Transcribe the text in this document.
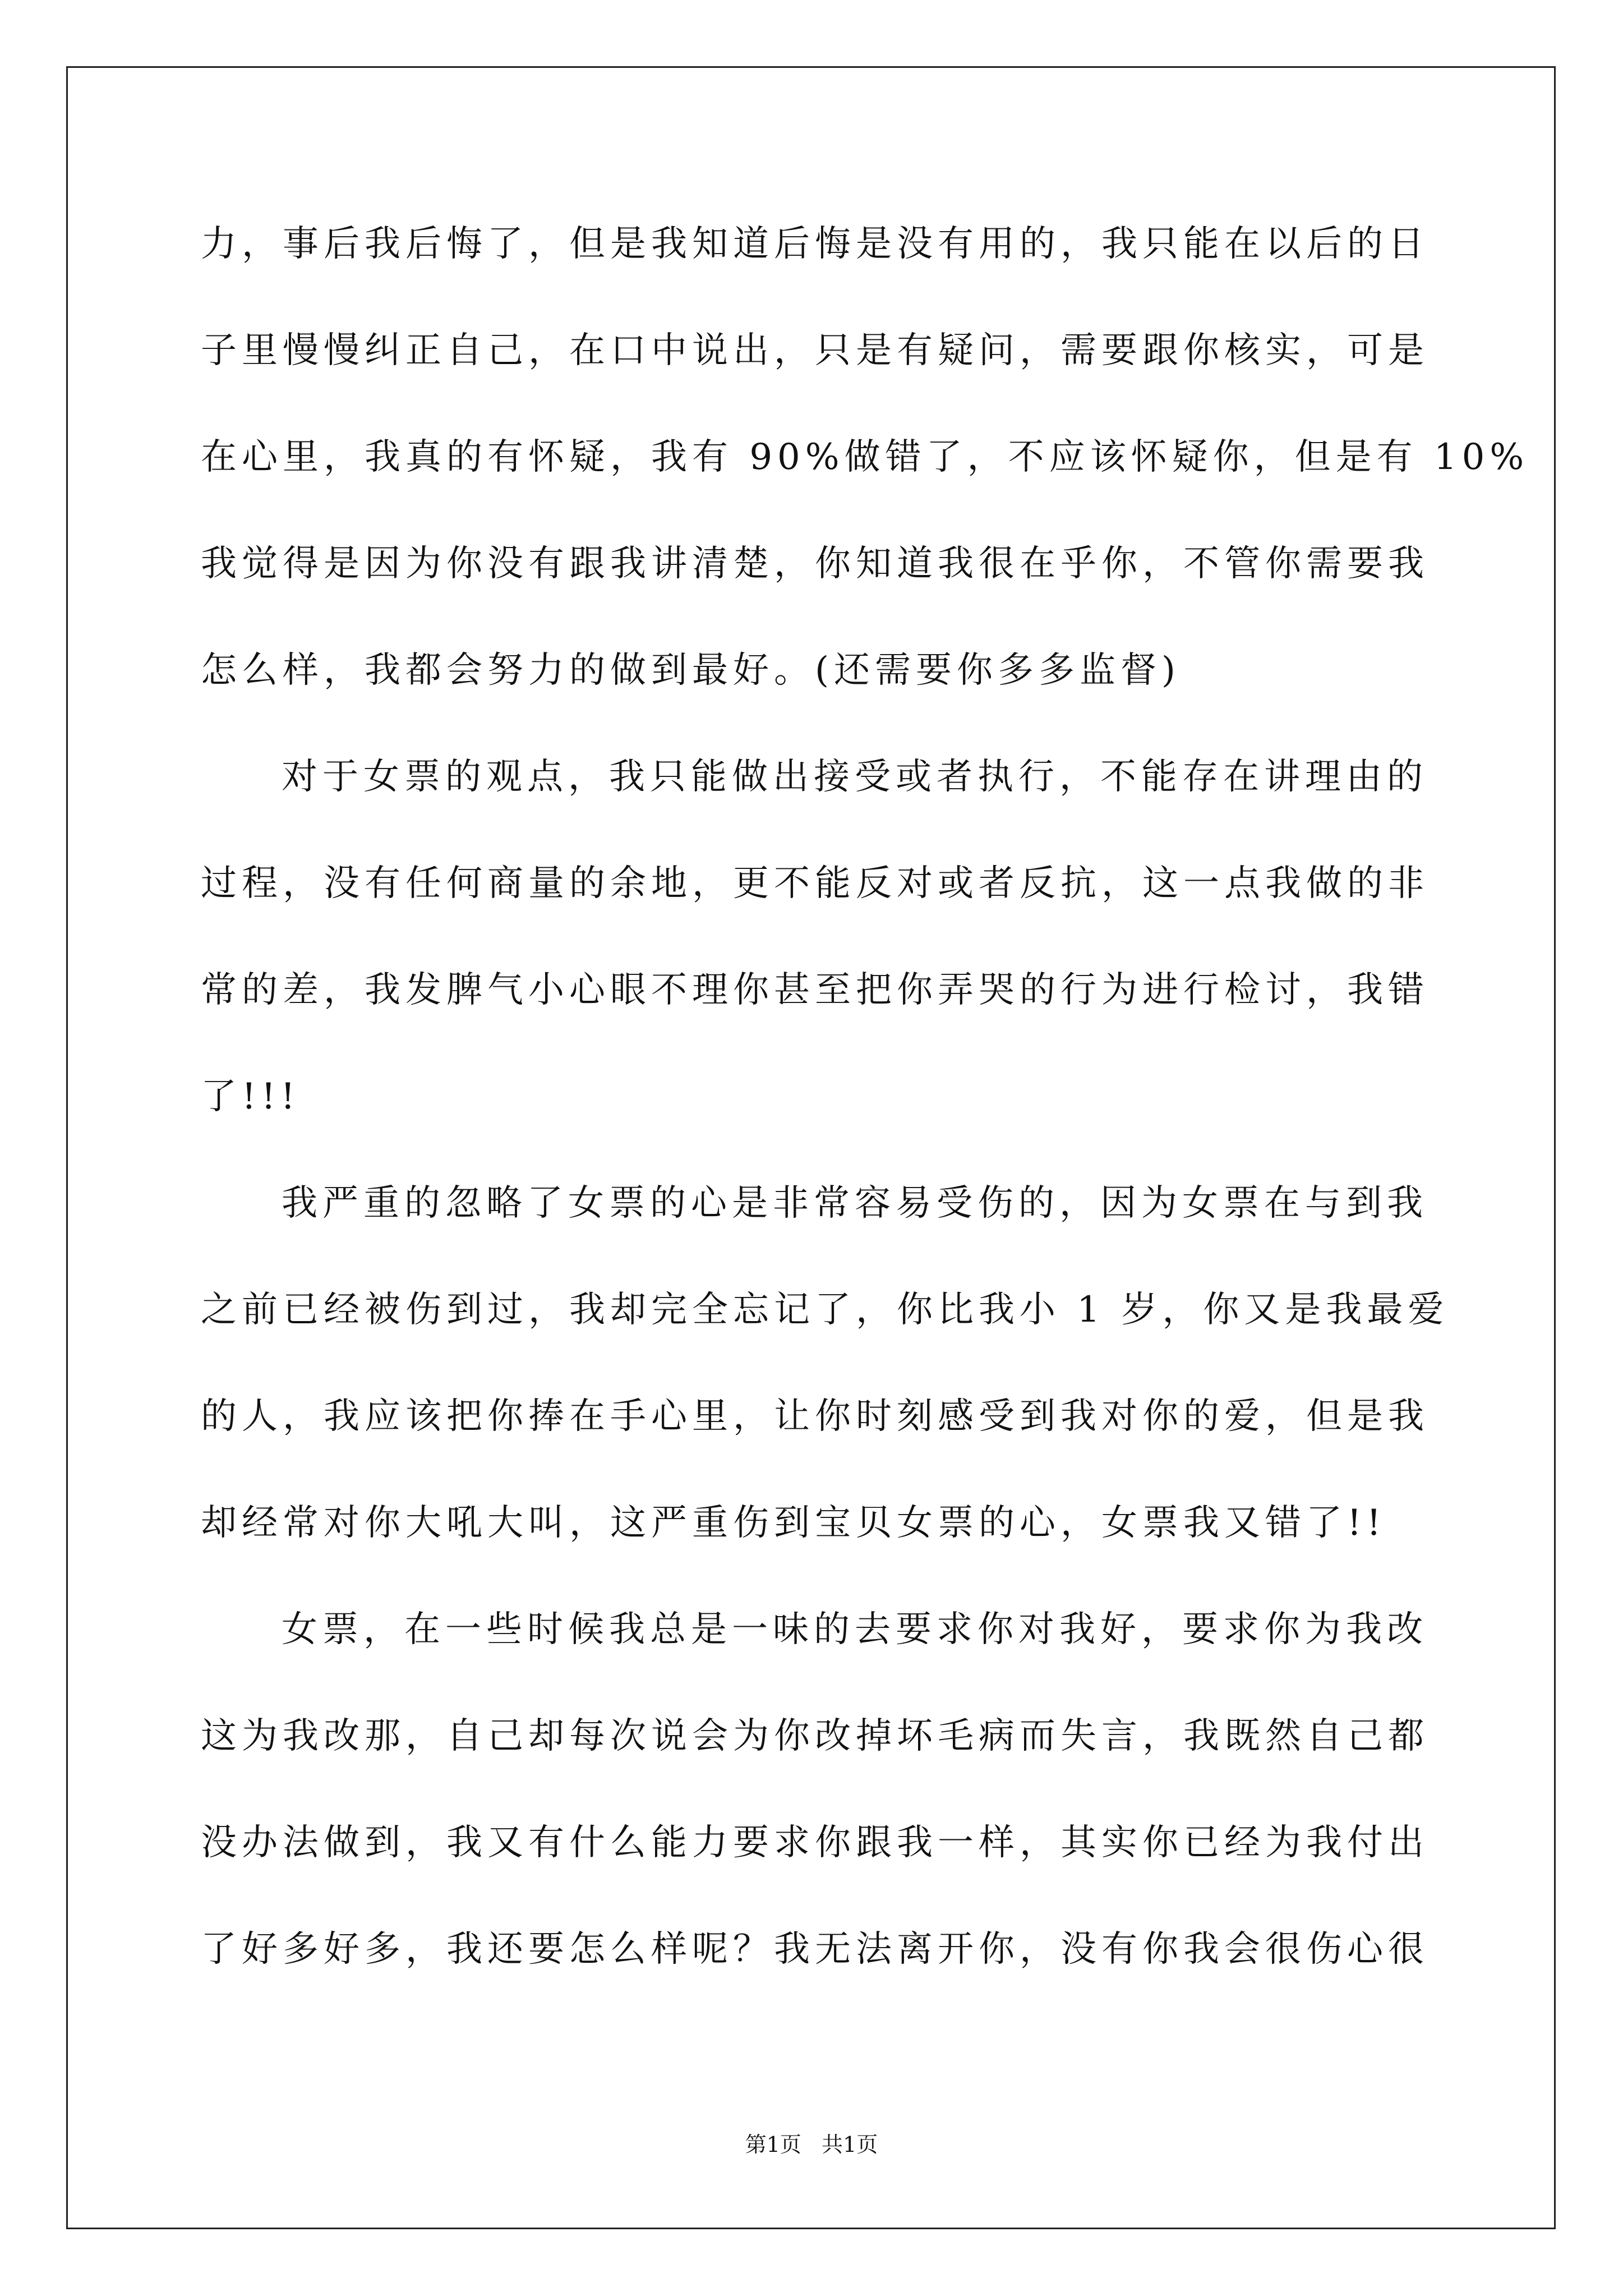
力，事后我后悔了，但是我知道后悔是没有用的，我只能在以后的日
子里慢慢纠正自己，在口中说出，只是有疑问，需要跟你核实，可是
在心里，我真的有怀疑，我有 90%做错了，不应该怀疑你，但是有 10%
我觉得是因为你没有跟我讲清楚，你知道我很在乎你，不管你需要我
怎么样，我都会努力的做到最好。(还需要你多多监督)
对于女票的观点，我只能做出接受或者执行，不能存在讲理由的
过程，没有任何商量的余地，更不能反对或者反抗，这一点我做的非
常的差，我发脾气小心眼不理你甚至把你弄哭的行为进行检讨，我错
了!!!
我严重的忽略了女票的心是非常容易受伤的，因为女票在与到我
之前已经被伤到过，我却完全忘记了，你比我小 1 岁，你又是我最爱
的人，我应该把你捧在手心里，让你时刻感受到我对你的爱，但是我
却经常对你大吼大叫，这严重伤到宝贝女票的心，女票我又错了!!
女票，在一些时候我总是一味的去要求你对我好，要求你为我改
这为我改那，自己却每次说会为你改掉坏毛病而失言，我既然自己都
没办法做到，我又有什么能力要求你跟我一样，其实你已经为我付出
了好多好多，我还要怎么样呢？我无法离开你，没有你我会很伤心很
第1页   共1页
